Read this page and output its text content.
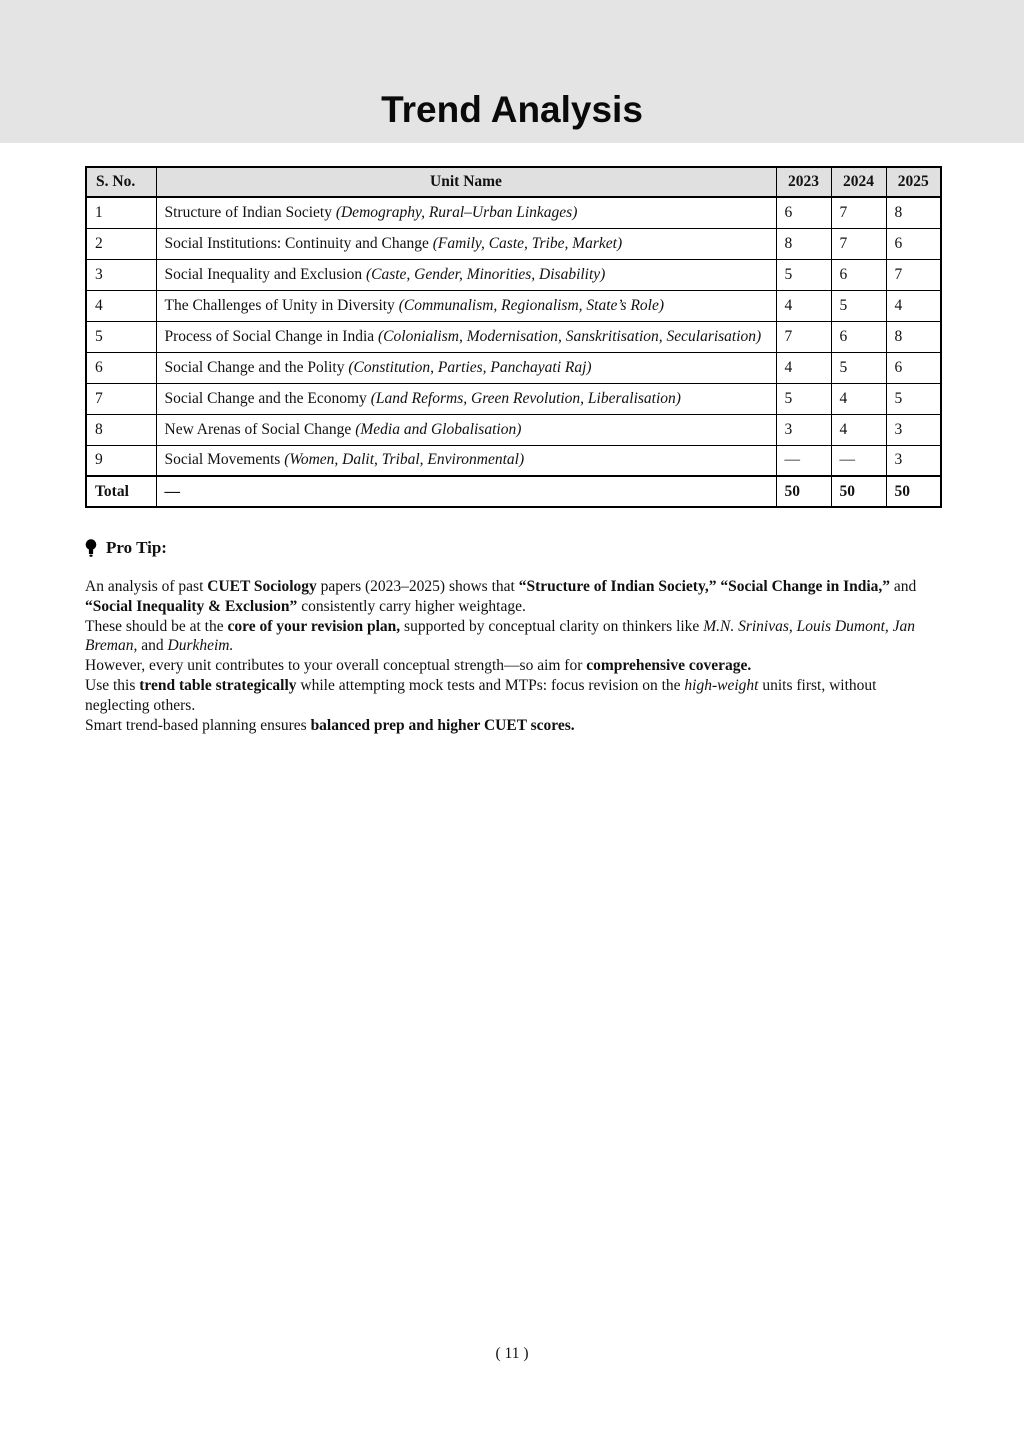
Trend Analysis
S. No.	Unit Name	2023	2024	2025
1	Structure of Indian Society (Demography, Rural–Urban Linkages)	6	7	8
2	Social Institutions: Continuity and Change (Family, Caste, Tribe, Market)	8	7	6
3	Social Inequality and Exclusion (Caste, Gender, Minorities, Disability)	5	6	7
4	The Challenges of Unity in Diversity (Communalism, Regionalism, State’s Role)	4	5	4
5	Process of Social Change in India (Colonialism, Modernisation, Sanskritisation, Secularisation)	7	6	8
6	Social Change and the Polity (Constitution, Parties, Panchayati Raj)	4	5	6
7	Social Change and the Economy (Land Reforms, Green Revolution, Liberalisation)	5	4	5
8	New Arenas of Social Change (Media and Globalisation)	3	4	3
9	Social Movements (Women, Dalit, Tribal, Environmental)	—	—	3
Total	—	50	50	50
Pro Tip:

An analysis of past CUET Sociology papers (2023–2025) shows that “Structure of Indian Society,” “Social Change in India,” and “Social Inequality & Exclusion” consistently carry higher weightage.

These should be at the core of your revision plan, supported by conceptual clarity on thinkers like M.N. Srinivas, Louis Dumont, Jan Breman, and Durkheim.

However, every unit contributes to your overall conceptual strength—so aim for comprehensive coverage.

Use this trend table strategically while attempting mock tests and MTPs: focus revision on the high-weight units first, without neglecting others.

Smart trend-based planning ensures balanced prep and higher CUET scores.

( 11 )
